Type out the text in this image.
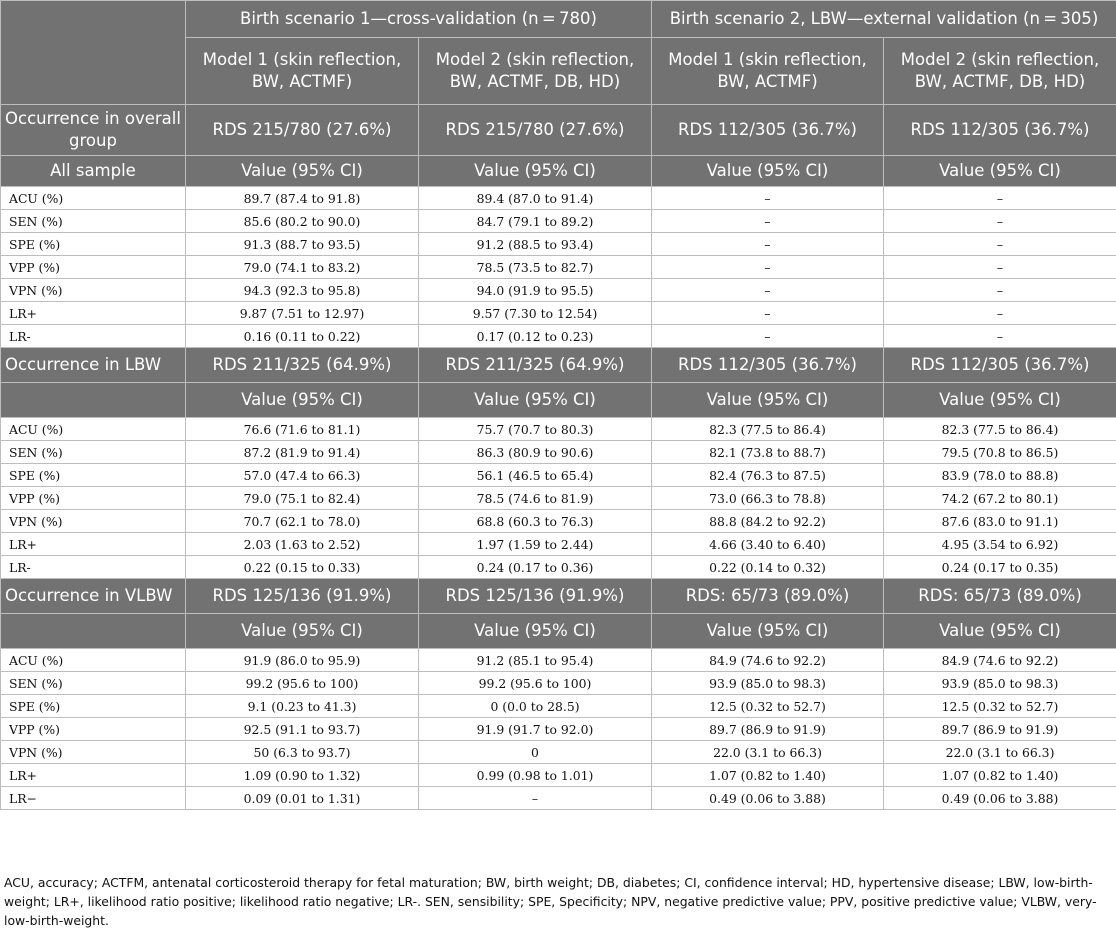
	Birth scenario 1—cross-validation (n = 780)		Birth scenario 2, LBW—external validation (n = 305)	
	Model 1 (skin reflection, BW, ACTMF)	Model 2 (skin reflection, BW, ACTMF, DB, HD)	Model 1 (skin reflection, BW, ACTMF)	Model 2 (skin reflection, BW, ACTMF, DB, HD)
Occurrence in overall group	RDS 215/780 (27.6%)	RDS 215/780 (27.6%)	RDS 112/305 (36.7%)	RDS 112/305 (36.7%)
All sample	Value (95% CI)	Value (95% CI)	Value (95% CI)	Value (95% CI)
ACU (%)	89.7 (87.4 to 91.8)	89.4 (87.0 to 91.4)	–	–
SEN (%)	85.6 (80.2 to 90.0)	84.7 (79.1 to 89.2)	–	–
SPE (%)	91.3 (88.7 to 93.5)	91.2 (88.5 to 93.4)	–	–
VPP (%)	79.0 (74.1 to 83.2)	78.5 (73.5 to 82.7)	–	–
VPN (%)	94.3 (92.3 to 95.8)	94.0 (91.9 to 95.5)	–	–
LR+	9.87 (7.51 to 12.97)	9.57 (7.30 to 12.54)	–	–
LR-	0.16 (0.11 to 0.22)	0.17 (0.12 to 0.23)	–	–
Occurrence in LBW	RDS 211/325 (64.9%)	RDS 211/325 (64.9%)	RDS 112/305 (36.7%)	RDS 112/305 (36.7%)
	Value (95% CI)	Value (95% CI)	Value (95% CI)	Value (95% CI)
ACU (%)	76.6 (71.6 to 81.1)	75.7 (70.7 to 80.3)	82.3 (77.5 to 86.4)	82.3 (77.5 to 86.4)
SEN (%)	87.2 (81.9 to 91.4)	86.3 (80.9 to 90.6)	82.1 (73.8 to 88.7)	79.5 (70.8 to 86.5)
SPE (%)	57.0 (47.4 to 66.3)	56.1 (46.5 to 65.4)	82.4 (76.3 to 87.5)	83.9 (78.0 to 88.8)
VPP (%)	79.0 (75.1 to 82.4)	78.5 (74.6 to 81.9)	73.0 (66.3 to 78.8)	74.2 (67.2 to 80.1)
VPN (%)	70.7 (62.1 to 78.0)	68.8 (60.3 to 76.3)	88.8 (84.2 to 92.2)	87.6 (83.0 to 91.1)
LR+	2.03 (1.63 to 2.52)	1.97 (1.59 to 2.44)	4.66 (3.40 to 6.40)	4.95 (3.54 to 6.92)
LR-	0.22 (0.15 to 0.33)	0.24 (0.17 to 0.36)	0.22 (0.14 to 0.32)	0.24 (0.17 to 0.35)
Occurrence in VLBW	RDS 125/136 (91.9%)	RDS 125/136 (91.9%)	RDS: 65/73 (89.0%)	RDS: 65/73 (89.0%)
	Value (95% CI)	Value (95% CI)	Value (95% CI)	Value (95% CI)
ACU (%)	91.9 (86.0 to 95.9)	91.2 (85.1 to 95.4)	84.9 (74.6 to 92.2)	84.9 (74.6 to 92.2)
SEN (%)	99.2 (95.6 to 100)	99.2 (95.6 to 100)	93.9 (85.0 to 98.3)	93.9 (85.0 to 98.3)
SPE (%)	9.1 (0.23 to 41.3)	0 (0.0 to 28.5)	12.5 (0.32 to 52.7)	12.5 (0.32 to 52.7)
VPP (%)	92.5 (91.1 to 93.7)	91.9 (91.7 to 92.0)	89.7 (86.9 to 91.9)	89.7 (86.9 to 91.9)
VPN (%)	50 (6.3 to 93.7)	0	22.0 (3.1 to 66.3)	22.0 (3.1 to 66.3)
LR+	1.09 (0.90 to 1.32)	0.99 (0.98 to 1.01)	1.07 (0.82 to 1.40)	1.07 (0.82 to 1.40)
LR−	0.09 (0.01 to 1.31)	–	0.49 (0.06 to 3.88)	0.49 (0.06 to 3.88)
ACU, accuracy; ACTFM, antenatal corticosteroid therapy for fetal maturation; BW, birth weight; DB, diabetes; CI, confidence interval; HD, hypertensive disease; LBW, low-birth-weight; LR+, likelihood ratio positive; likelihood ratio negative; LR-. SEN, sensibility; SPE, Specificity; NPV, negative predictive value; PPV, positive predictive value; VLBW, very-low-birth-weight.
